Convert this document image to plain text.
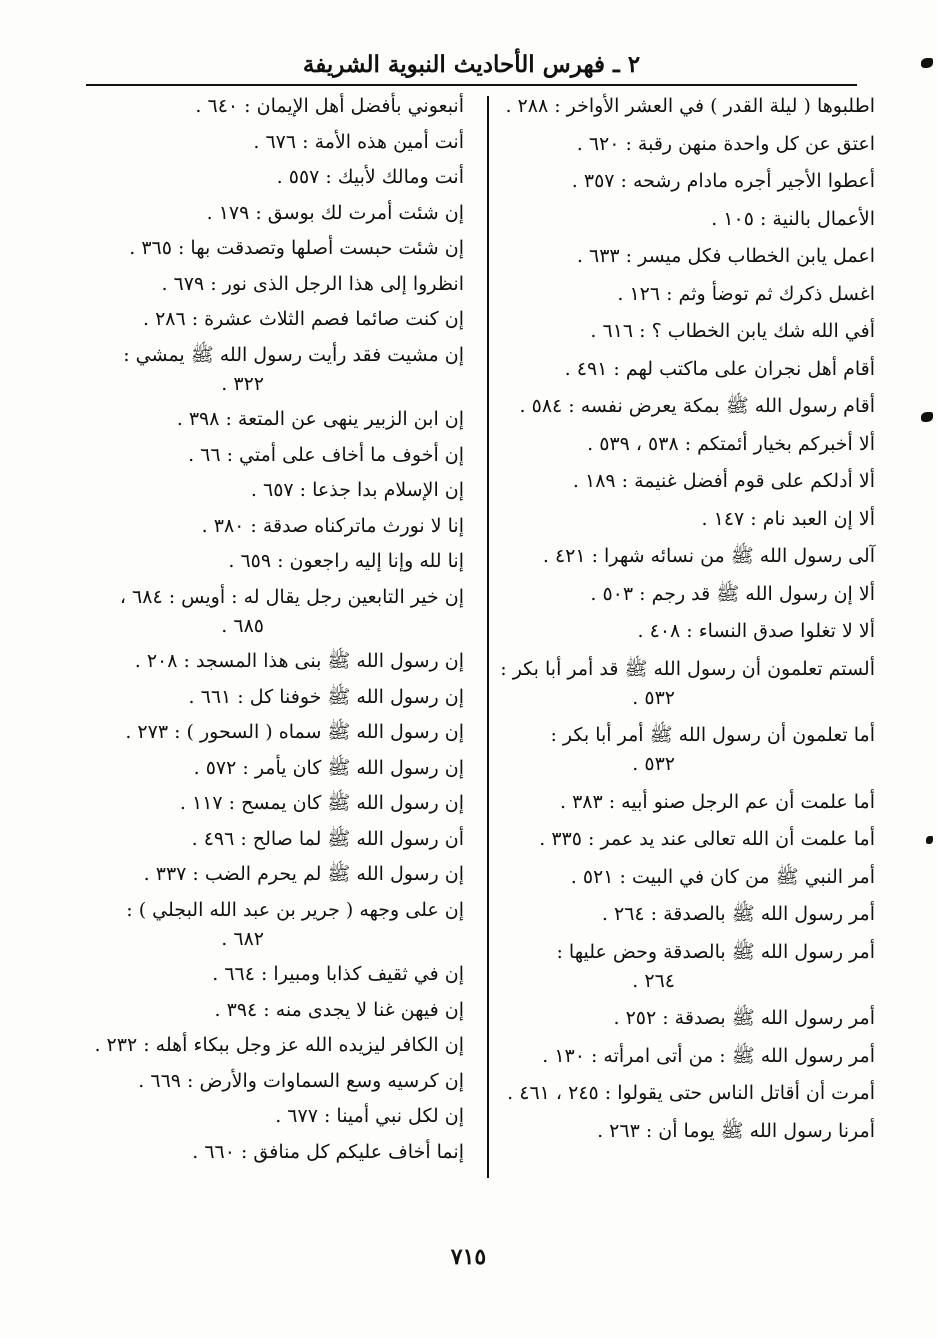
٢ ـ فهرس الأحاديث النبوية الشريفة
اطلبوها ( ليلة القدر ) في العشر الأواخر : ٢٨٨ .
اعتق عن كل واحدة منهن رقبة : ٦٢٠ .
أعطوا الأجير أجره مادام رشحه : ٣٥٧ .
الأعمال بالنية : ١٠٥ .
اعمل يابن الخطاب فكل ميسر : ٦٣٣ .
اغسل ذكرك ثم توضأ وثم : ١٢٦ .
أفي الله شك يابن الخطاب ؟ : ٦١٦ .
أقام أهل نجران على ماكتب لهم : ٤٩١ .
أقام رسول الله ﷺ بمكة يعرض نفسه : ٥٨٤ .
ألا أخبركم بخيار أئمتكم : ٥٣٨ ، ٥٣٩ .
ألا أدلكم على قوم أفضل غنيمة : ١٨٩ .
ألا إن العبد نام : ١٤٧ .
آلى رسول الله ﷺ من نسائه شهرا : ٤٢١ .
ألا إن رسول الله ﷺ قد رجم : ٥٠٣ .
ألا لا تغلوا صدق النساء : ٤٠٨ .
ألستم تعلمون أن رسول الله ﷺ قد أمر أبا بكر :
٥٣٢ .
أما تعلمون أن رسول الله ﷺ أمر أبا بكر :
٥٣٢ .
أما علمت أن عم الرجل صنو أبيه : ٣٨٣ .
أما علمت أن الله تعالى عند يد عمر : ٣٣٥ .
أمر النبي ﷺ من كان في البيت : ٥٢١ .
أمر رسول الله ﷺ بالصدقة : ٢٦٤ .
أمر رسول الله ﷺ بالصدقة وحض عليها :
٢٦٤ .
أمر رسول الله ﷺ بصدقة : ٢٥٢ .
أمر رسول الله ﷺ : من أتى امرأته : ١٣٠ .
أمرت أن أقاتل الناس حتى يقولوا : ٢٤٥ ، ٤٦١ .
أمرنا رسول الله ﷺ يوما أن : ٢٦٣ .
أنبعوني بأفضل أهل الإيمان : ٦٤٠ .
أنت أمين هذه الأمة : ٦٧٦ .
أنت ومالك لأبيك : ٥٥٧ .
إن شئت أمرت لك بوسق : ١٧٩ .
إن شئت حبست أصلها وتصدقت بها : ٣٦٥ .
انظروا إلى هذا الرجل الذى نور : ٦٧٩ .
إن كنت صائما فصم الثلاث عشرة : ٢٨٦ .
إن مشيت فقد رأيت رسول الله ﷺ يمشي :
٣٢٢ .
إن ابن الزبير ينهى عن المتعة : ٣٩٨ .
إن أخوف ما أخاف على أمتي : ٦٦ .
إن الإسلام بدا جذعا : ٦٥٧ .
إنا لا نورث ماتركناه صدقة : ٣٨٠ .
إنا لله وإنا إليه راجعون : ٦٥٩ .
إن خير التابعين رجل يقال له : أويس : ٦٨٤ ،
٦٨٥ .
إن رسول الله ﷺ بنى هذا المسجد : ٢٠٨ .
إن رسول الله ﷺ خوفنا كل : ٦٦١ .
إن رسول الله ﷺ سماه ( السحور ) : ٢٧٣ .
إن رسول الله ﷺ كان يأمر : ٥٧٢ .
إن رسول الله ﷺ كان يمسح : ١١٧ .
أن رسول الله ﷺ لما صالح : ٤٩٦ .
إن رسول الله ﷺ لم يحرم الضب : ٣٣٧ .
إن على وجهه ( جرير بن عبد الله البجلي ) :
٦٨٢ .
إن في ثقيف كذابا ومبيرا : ٦٦٤ .
إن فيهن غنا لا يجدى منه : ٣٩٤ .
إن الكافر ليزيده الله عز وجل ببكاء أهله : ٢٣٢ .
إن كرسيه وسع السماوات والأرض : ٦٦٩ .
إن لكل نبي أمينا : ٦٧٧ .
إنما أخاف عليكم كل منافق : ٦٦٠ .
٧١٥
